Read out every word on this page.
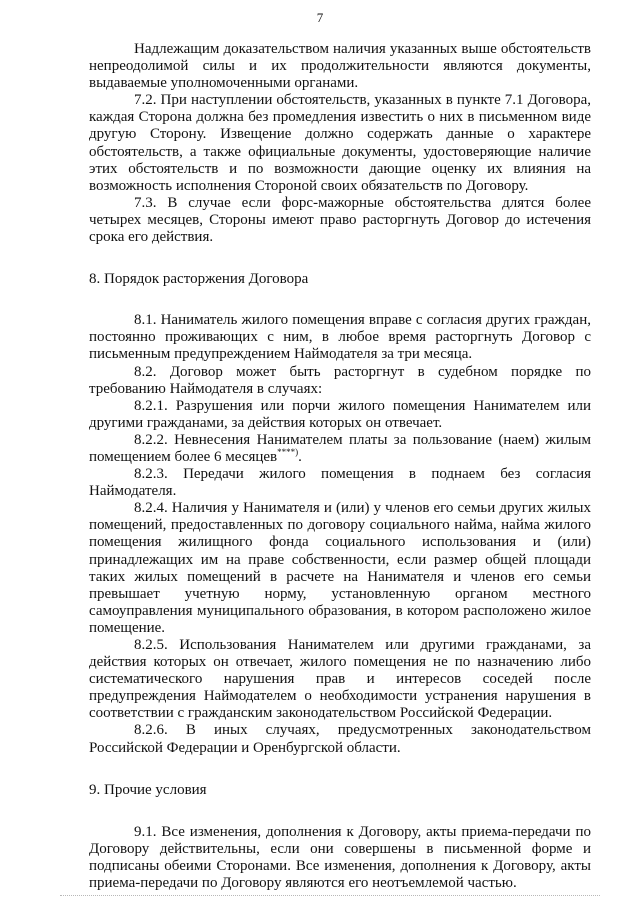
7

Надлежащим доказательством наличия указанных выше обстоятельств непреодолимой силы и их продолжительности являются документы, выдаваемые уполномоченными органами.

7.2. При наступлении обстоятельств, указанных в пункте 7.1 Договора, каждая Сторона должна без промедления известить о них в письменном виде другую Сторону. Извещение должно содержать данные о характере обстоятельств, а также официальные документы, удостоверяющие наличие этих обстоятельств и по возможности дающие оценку их влияния на возможность исполнения Стороной своих обязательств по Договору.

7.3. В случае если форс-мажорные обстоятельства длятся более четырех месяцев, Стороны имеют право расторгнуть Договор до истечения срока его действия.

8. Порядок расторжения Договора

8.1. Наниматель жилого помещения вправе с согласия других граждан, постоянно проживающих с ним, в любое время расторгнуть Договор с письменным предупреждением Наймодателя за три месяца.

8.2. Договор может быть расторгнут в судебном порядке по требованию Наймодателя в случаях:

8.2.1. Разрушения или порчи жилого помещения Нанимателем или другими гражданами, за действия которых он отвечает.

8.2.2. Невнесения Нанимателем платы за пользование (наем) жилым помещением более 6 месяцев****).

8.2.3. Передачи жилого помещения в поднаем без согласия Наймодателя.

8.2.4. Наличия у Нанимателя и (или) у членов его семьи других жилых помещений, предоставленных по договору социального найма, найма жилого помещения жилищного фонда социального использования и (или) принадлежащих им на праве собственности, если размер общей площади таких жилых помещений в расчете на Нанимателя и членов его семьи превышает учетную норму, установленную органом местного самоуправления муниципального образования, в котором расположено жилое помещение.

8.2.5. Использования Нанимателем или другими гражданами, за действия которых он отвечает, жилого помещения не по назначению либо систематического нарушения прав и интересов соседей после предупреждения Наймодателем о необходимости устранения нарушения в соответствии с гражданским законодательством Российской Федерации.

8.2.6. В иных случаях, предусмотренных законодательством Российской Федерации и Оренбургской области.

9. Прочие условия

9.1. Все изменения, дополнения к Договору, акты приема-передачи по Договору действительны, если они совершены в письменной форме и подписаны обеими Сторонами. Все изменения, дополнения к Договору, акты приема-передачи по Договору являются его неотъемлемой частью.
